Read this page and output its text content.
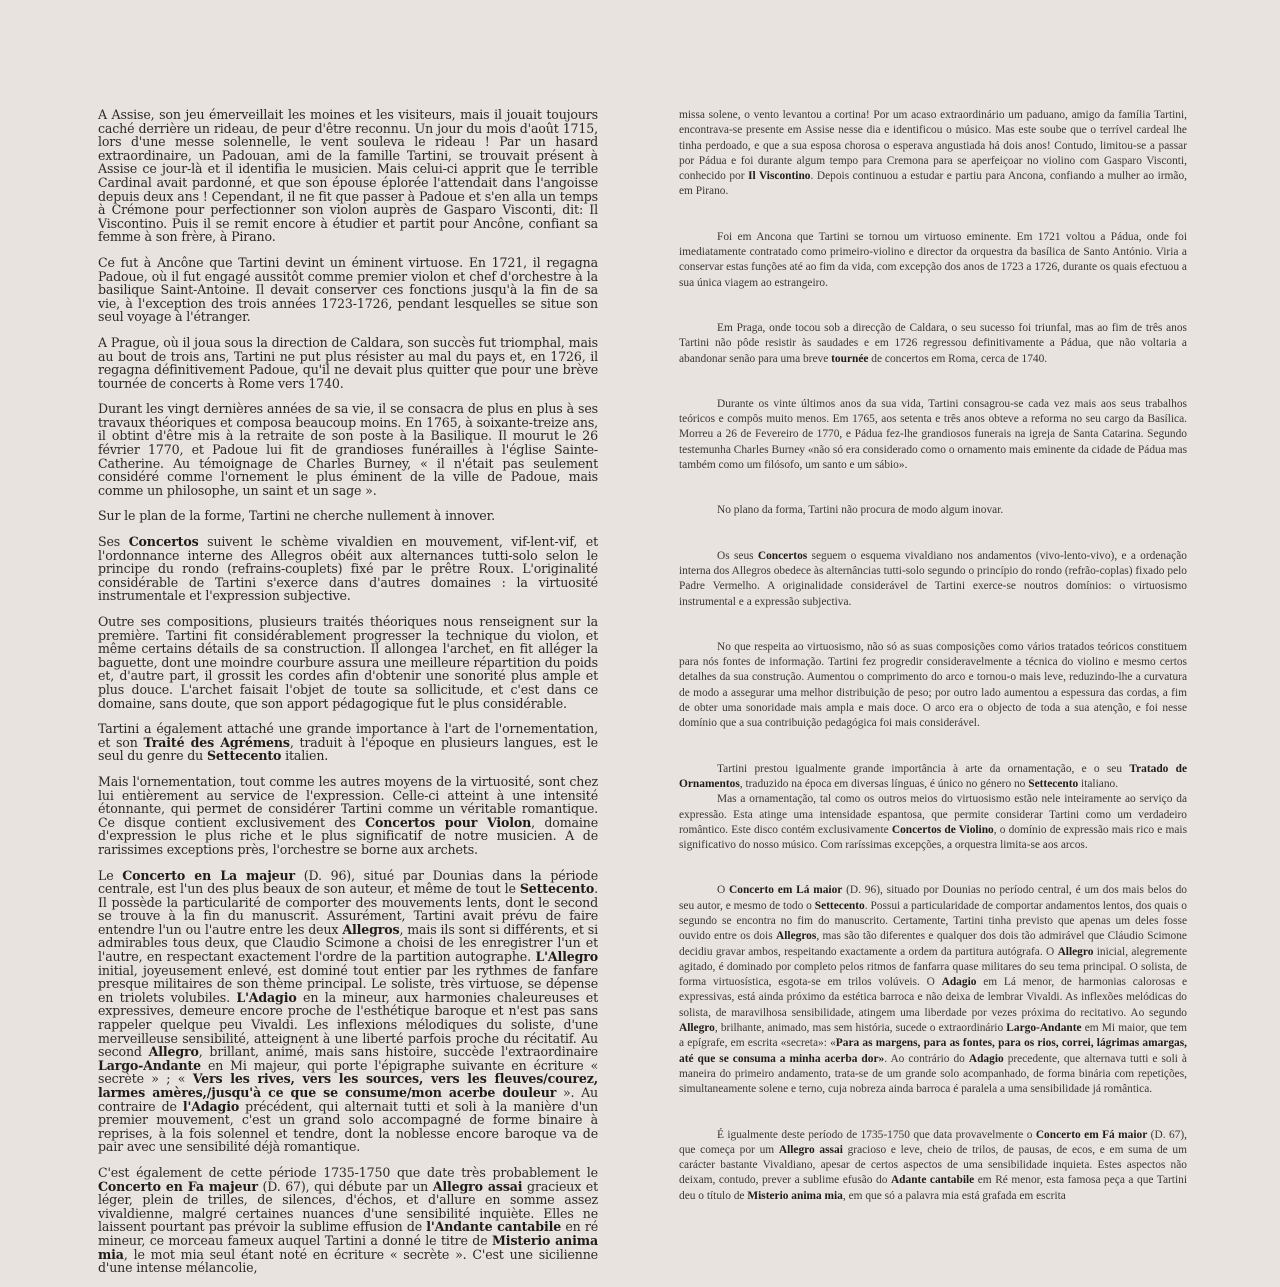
A Assise, son jeu émerveillait les moines et les visiteurs, mais il jouait toujours caché derrière un rideau, de peur d'être reconnu. Un jour du mois d'août 1715, lors d'une messe solennelle, le vent souleva le rideau ! Par un hasard extraordinaire, un Padouan, ami de la famille Tartini, se trouvait présent à Assise ce jour-là et il identifia le musicien. Mais celui-ci apprit que le terrible Cardinal avait pardonné, et que son épouse éplorée l'attendait dans l'angoisse depuis deux ans ! Cependant, il ne fit que passer à Padoue et s'en alla un temps à Crémone pour perfectionner son violon auprès de Gasparo Visconti, dit: Il Viscontino. Puis il se remit encore à étudier et partit pour Ancône, confiant sa femme à son frère, à Pirano.

Ce fut à Ancône que Tartini devint un éminent virtuose. En 1721, il regagna Padoue, où il fut engagé aussitôt comme premier violon et chef d'orchestre à la basilique Saint-Antoine. Il devait conserver ces fonctions jusqu'à la fin de sa vie, à l'exception des trois années 1723-1726, pendant lesquelles se situe son seul voyage à l'étranger.

A Prague, où il joua sous la direction de Caldara, son succès fut triomphal, mais au bout de trois ans, Tartini ne put plus résister au mal du pays et, en 1726, il regagna définitivement Padoue, qu'il ne devait plus quitter que pour une brève tournée de concerts à Rome vers 1740.

Durant les vingt dernières années de sa vie, il se consacra de plus en plus à ses travaux théoriques et composa beaucoup moins. En 1765, à soixante-treize ans, il obtint d'être mis à la retraite de son poste à la Basilique. Il mourut le 26 février 1770, et Padoue lui fit de grandioses funérailles à l'église Sainte-Catherine. Au témoignage de Charles Burney, « il n'était pas seulement considéré comme l'ornement le plus éminent de la ville de Padoue, mais comme un philosophe, un saint et un sage ».

Sur le plan de la forme, Tartini ne cherche nullement à innover.

Ses Concertos suivent le schème vivaldien en mouvement, vif-lent-vif, et l'ordonnance interne des Allegros obéit aux alternances tutti-solo selon le principe du rondo (refrains-couplets) fixé par le prêtre Roux. L'originalité considérable de Tartini s'exerce dans d'autres domaines : la virtuosité instrumentale et l'expression subjective.

Outre ses compositions, plusieurs traités théoriques nous renseignent sur la première. Tartini fit considérablement progresser la technique du violon, et même certains détails de sa construction. Il allongea l'archet, en fit alléger la baguette, dont une moindre courbure assura une meilleure répartition du poids et, d'autre part, il grossit les cordes afin d'obtenir une sonorité plus ample et plus douce. L'archet faisait l'objet de toute sa sollicitude, et c'est dans ce domaine, sans doute, que son apport pédagogique fut le plus considérable.

Tartini a également attaché une grande importance à l'art de l'ornementation, et son Traité des Agrémens, traduit à l'époque en plusieurs langues, est le seul du genre du Settecento italien.

Mais l'ornementation, tout comme les autres moyens de la virtuosité, sont chez lui entièrement au service de l'expression. Celle-ci atteint à une intensité étonnante, qui permet de considérer Tartini comme un véritable romantique. Ce disque contient exclusivement des Concertos pour Violon, domaine d'expression le plus riche et le plus significatif de notre musicien. A de rarissimes exceptions près, l'orchestre se borne aux archets.

Le Concerto en La majeur (D. 96), situé par Dounias dans la période centrale, est l'un des plus beaux de son auteur, et même de tout le Settecento. Il possède la particularité de comporter des mouvements lents, dont le second se trouve à la fin du manuscrit. Assurément, Tartini avait prévu de faire entendre l'un ou l'autre entre les deux Allegros, mais ils sont si différents, et si admirables tous deux, que Claudio Scimone a choisi de les enregistrer l'un et l'autre, en respectant exactement l'ordre de la partition autographe. L'Allegro initial, joyeusement enlevé, est dominé tout entier par les rythmes de fanfare presque militaires de son thème principal. Le soliste, très virtuose, se dépense en triolets volubiles. L'Adagio en la mineur, aux harmonies chaleureuses et expressives, demeure encore proche de l'esthétique baroque et n'est pas sans rappeler quelque peu Vivaldi. Les inflexions mélodiques du soliste, d'une merveilleuse sensibilité, atteignent à une liberté parfois proche du récitatif. Au second Allegro, brillant, animé, mais sans histoire, succède l'extraordinaire Largo-Andante en Mi majeur, qui porte l'épigraphe suivante en écriture « secrète » ; « Vers les rives, vers les sources, vers les fleuves/courez, larmes amères,/jusqu'à ce que se consume/mon acerbe douleur ». Au contraire de l'Adagio précédent, qui alternait tutti et soli à la manière d'un premier mouvement, c'est un grand solo accompagné de forme binaire à reprises, à la fois solennel et tendre, dont la noblesse encore baroque va de pair avec une sensibilité déjà romantique.

C'est également de cette période 1735-1750 que date très probablement le Concerto en Fa majeur (D. 67), qui débute par un Allegro assai gracieux et léger, plein de trilles, de silences, d'échos, et d'allure en somme assez vivaldienne, malgré certaines nuances d'une sensibilité inquiète. Elles ne laissent pourtant pas prévoir la sublime effusion de l'Andante cantabile en ré mineur, ce morceau fameux auquel Tartini a donné le titre de Misterio anima mia, le mot mia seul étant noté en écriture « secrète ». C'est une sicilienne d'une intense mélancolie,

missa solene, o vento levantou a cortina! Por um acaso extraordinário um paduano, amigo da família Tartini, encontrava-se presente em Assise nesse dia e identificou o músico. Mas este soube que o terrível cardeal lhe tinha perdoado, e que a sua esposa chorosa o esperava angustiada há dois anos! Contudo, limitou-se a passar por Pádua e foi durante algum tempo para Cremona para se aperfeiçoar no violino com Gasparo Visconti, conhecido por Il Viscontino. Depois continuou a estudar e partiu para Ancona, confiando a mulher ao irmão, em Pirano.

Foi em Ancona que Tartini se tornou um virtuoso eminente. Em 1721 voltou a Pádua, onde foi imediatamente contratado como primeiro-violino e director da orquestra da basílica de Santo António. Viria a conservar estas funções até ao fim da vida, com excepção dos anos de 1723 a 1726, durante os quais efectuou a sua única viagem ao estrangeiro.

Em Praga, onde tocou sob a direcção de Caldara, o seu sucesso foi triunfal, mas ao fim de três anos Tartini não pôde resistir às saudades e em 1726 regressou definitivamente a Pádua, que não voltaria a abandonar senão para uma breve tournée de concertos em Roma, cerca de 1740.

Durante os vinte últimos anos da sua vida, Tartini consagrou-se cada vez mais aos seus trabalhos teóricos e compôs muito menos. Em 1765, aos setenta e três anos obteve a reforma no seu cargo da Basílica. Morreu a 26 de Fevereiro de 1770, e Pádua fez-lhe grandiosos funerais na igreja de Santa Catarina. Segundo testemunha Charles Burney «não só era considerado como o ornamento mais eminente da cidade de Pádua mas também como um filósofo, um santo e um sábio».

No plano da forma, Tartini não procura de modo algum inovar.

Os seus Concertos seguem o esquema vivaldiano nos andamentos (vivo-lento-vivo), e a ordenação interna dos Allegros obedece às alternâncias tutti-solo segundo o princípio do rondo (refrão-coplas) fixado pelo Padre Vermelho. A originalidade considerável de Tartini exerce-se noutros domínios: o virtuosismo instrumental e a expressão subjectiva.

No que respeita ao virtuosismo, não só as suas composições como vários tratados teóricos constituem para nós fontes de informação. Tartini fez progredir consideravelmente a técnica do violino e mesmo certos detalhes da sua construção. Aumentou o comprimento do arco e tornou-o mais leve, reduzindo-lhe a curvatura de modo a assegurar uma melhor distribuição de peso; por outro lado aumentou a espessura das cordas, a fim de obter uma sonoridade mais ampla e mais doce. O arco era o objecto de toda a sua atenção, e foi nesse domínio que a sua contribuição pedagógica foi mais considerável.

Tartini prestou igualmente grande importância à arte da ornamentação, e o seu Tratado de Ornamentos, traduzido na época em diversas línguas, é único no género no Settecento italiano.

Mas a ornamentação, tal como os outros meios do virtuosismo estão nele inteiramente ao serviço da expressão. Esta atinge uma intensidade espantosa, que permite considerar Tartini como um verdadeiro romântico. Este disco contém exclusivamente Concertos de Violino, o domínio de expressão mais rico e mais significativo do nosso músico. Com raríssimas excepções, a orquestra limita-se aos arcos.

O Concerto em Lá maior (D. 96), situado por Dounias no período central, é um dos mais belos do seu autor, e mesmo de todo o Settecento. Possui a particularidade de comportar andamentos lentos, dos quais o segundo se encontra no fim do manuscrito. Certamente, Tartini tinha previsto que apenas um deles fosse ouvido entre os dois Allegros, mas são tão diferentes e qualquer dos dois tão admirável que Cláudio Scimone decidiu gravar ambos, respeitando exactamente a ordem da partitura autógrafa. O Allegro inicial, alegremente agitado, é dominado por completo pelos ritmos de fanfarra quase militares do seu tema principal. O solista, de forma virtuosística, esgota-se em trilos volúveis. O Adagio em Lá menor, de harmonias calorosas e expressivas, está ainda próximo da estética barroca e não deixa de lembrar Vivaldi. As inflexões melódicas do solista, de maravilhosa sensibilidade, atingem uma liberdade por vezes próxima do recitativo. Ao segundo Allegro, brilhante, animado, mas sem história, sucede o extraordinário Largo-Andante em Mi maior, que tem a epígrafe, em escrita «secreta»: «Para as margens, para as fontes, para os rios, correi, lágrimas amargas, até que se consuma a minha acerba dor». Ao contrário do Adagio precedente, que alternava tutti e soli à maneira do primeiro andamento, trata-se de um grande solo acompanhado, de forma binária com repetições, simultaneamente solene e terno, cuja nobreza ainda barroca é paralela a uma sensibilidade já romântica.

É igualmente deste período de 1735-1750 que data provavelmente o Concerto em Fá maior (D. 67), que começa por um Allegro assai gracioso e leve, cheio de trilos, de pausas, de ecos, e em suma de um carácter bastante Vivaldiano, apesar de certos aspectos de uma sensibilidade inquieta. Estes aspectos não deixam, contudo, prever a sublime efusão do Adante cantabile em Ré menor, esta famosa peça a que Tartini deu o título de Misterio anima mia, em que só a palavra mia está grafada em escrita
